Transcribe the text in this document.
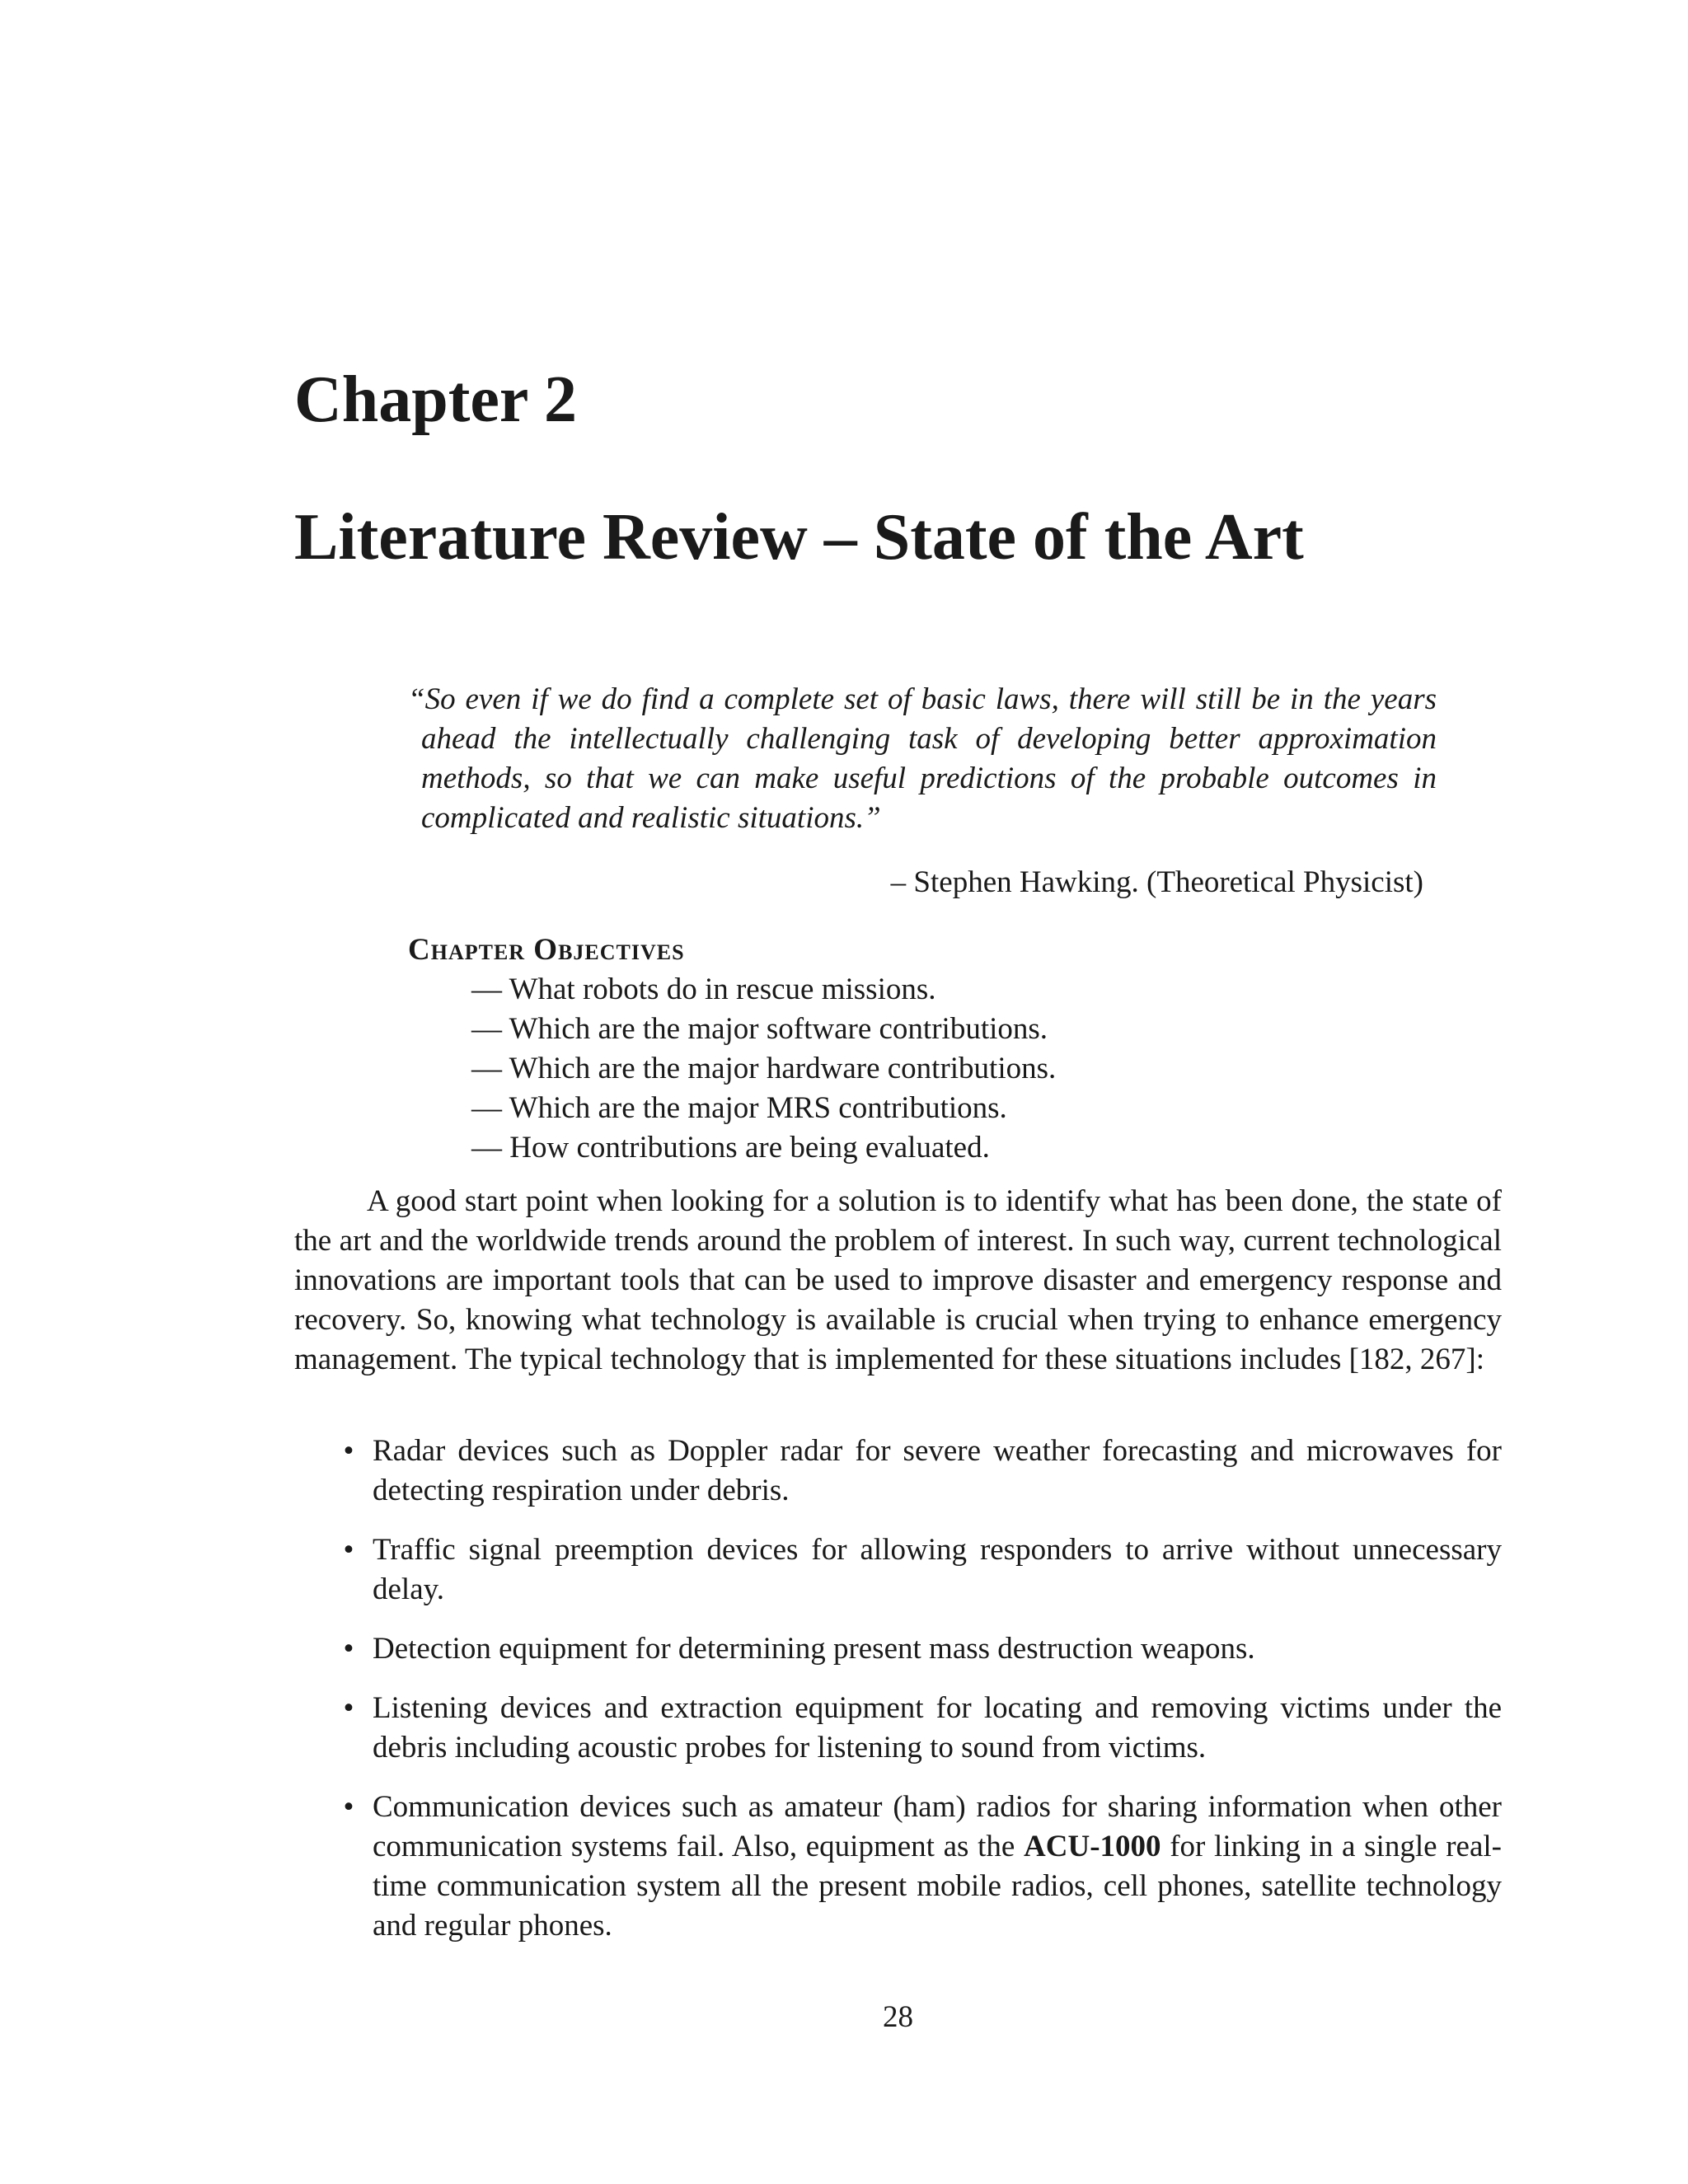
Chapter 2
Literature Review – State of the Art

“So even if we do find a complete set of basic laws, there will still be in the years ahead the intellectually challenging task of developing better approximation methods, so that we can make useful predictions of the probable outcomes in complicated and realistic situations.”

– Stephen Hawking. (Theoretical Physicist)

Chapter Objectives
— What robots do in rescue missions.
— Which are the major software contributions.
— Which are the major hardware contributions.
— Which are the major MRS contributions.
— How contributions are being evaluated.

A good start point when looking for a solution is to identify what has been done, the state of the art and the worldwide trends around the problem of interest. In such way, current technological innovations are important tools that can be used to improve disaster and emergency response and recovery. So, knowing what technology is available is crucial when trying to enhance emergency management. The typical technology that is implemented for these situations includes [182, 267]:

• Radar devices such as Doppler radar for severe weather forecasting and microwaves for detecting respiration under debris.
• Traffic signal preemption devices for allowing responders to arrive without unnecessary delay.
• Detection equipment for determining present mass destruction weapons.
• Listening devices and extraction equipment for locating and removing victims under the debris including acoustic probes for listening to sound from victims.
• Communication devices such as amateur (ham) radios for sharing information when other communication systems fail. Also, equipment as the ACU-1000 for linking in a single real-time communication system all the present mobile radios, cell phones, satellite technology and regular phones.
28
